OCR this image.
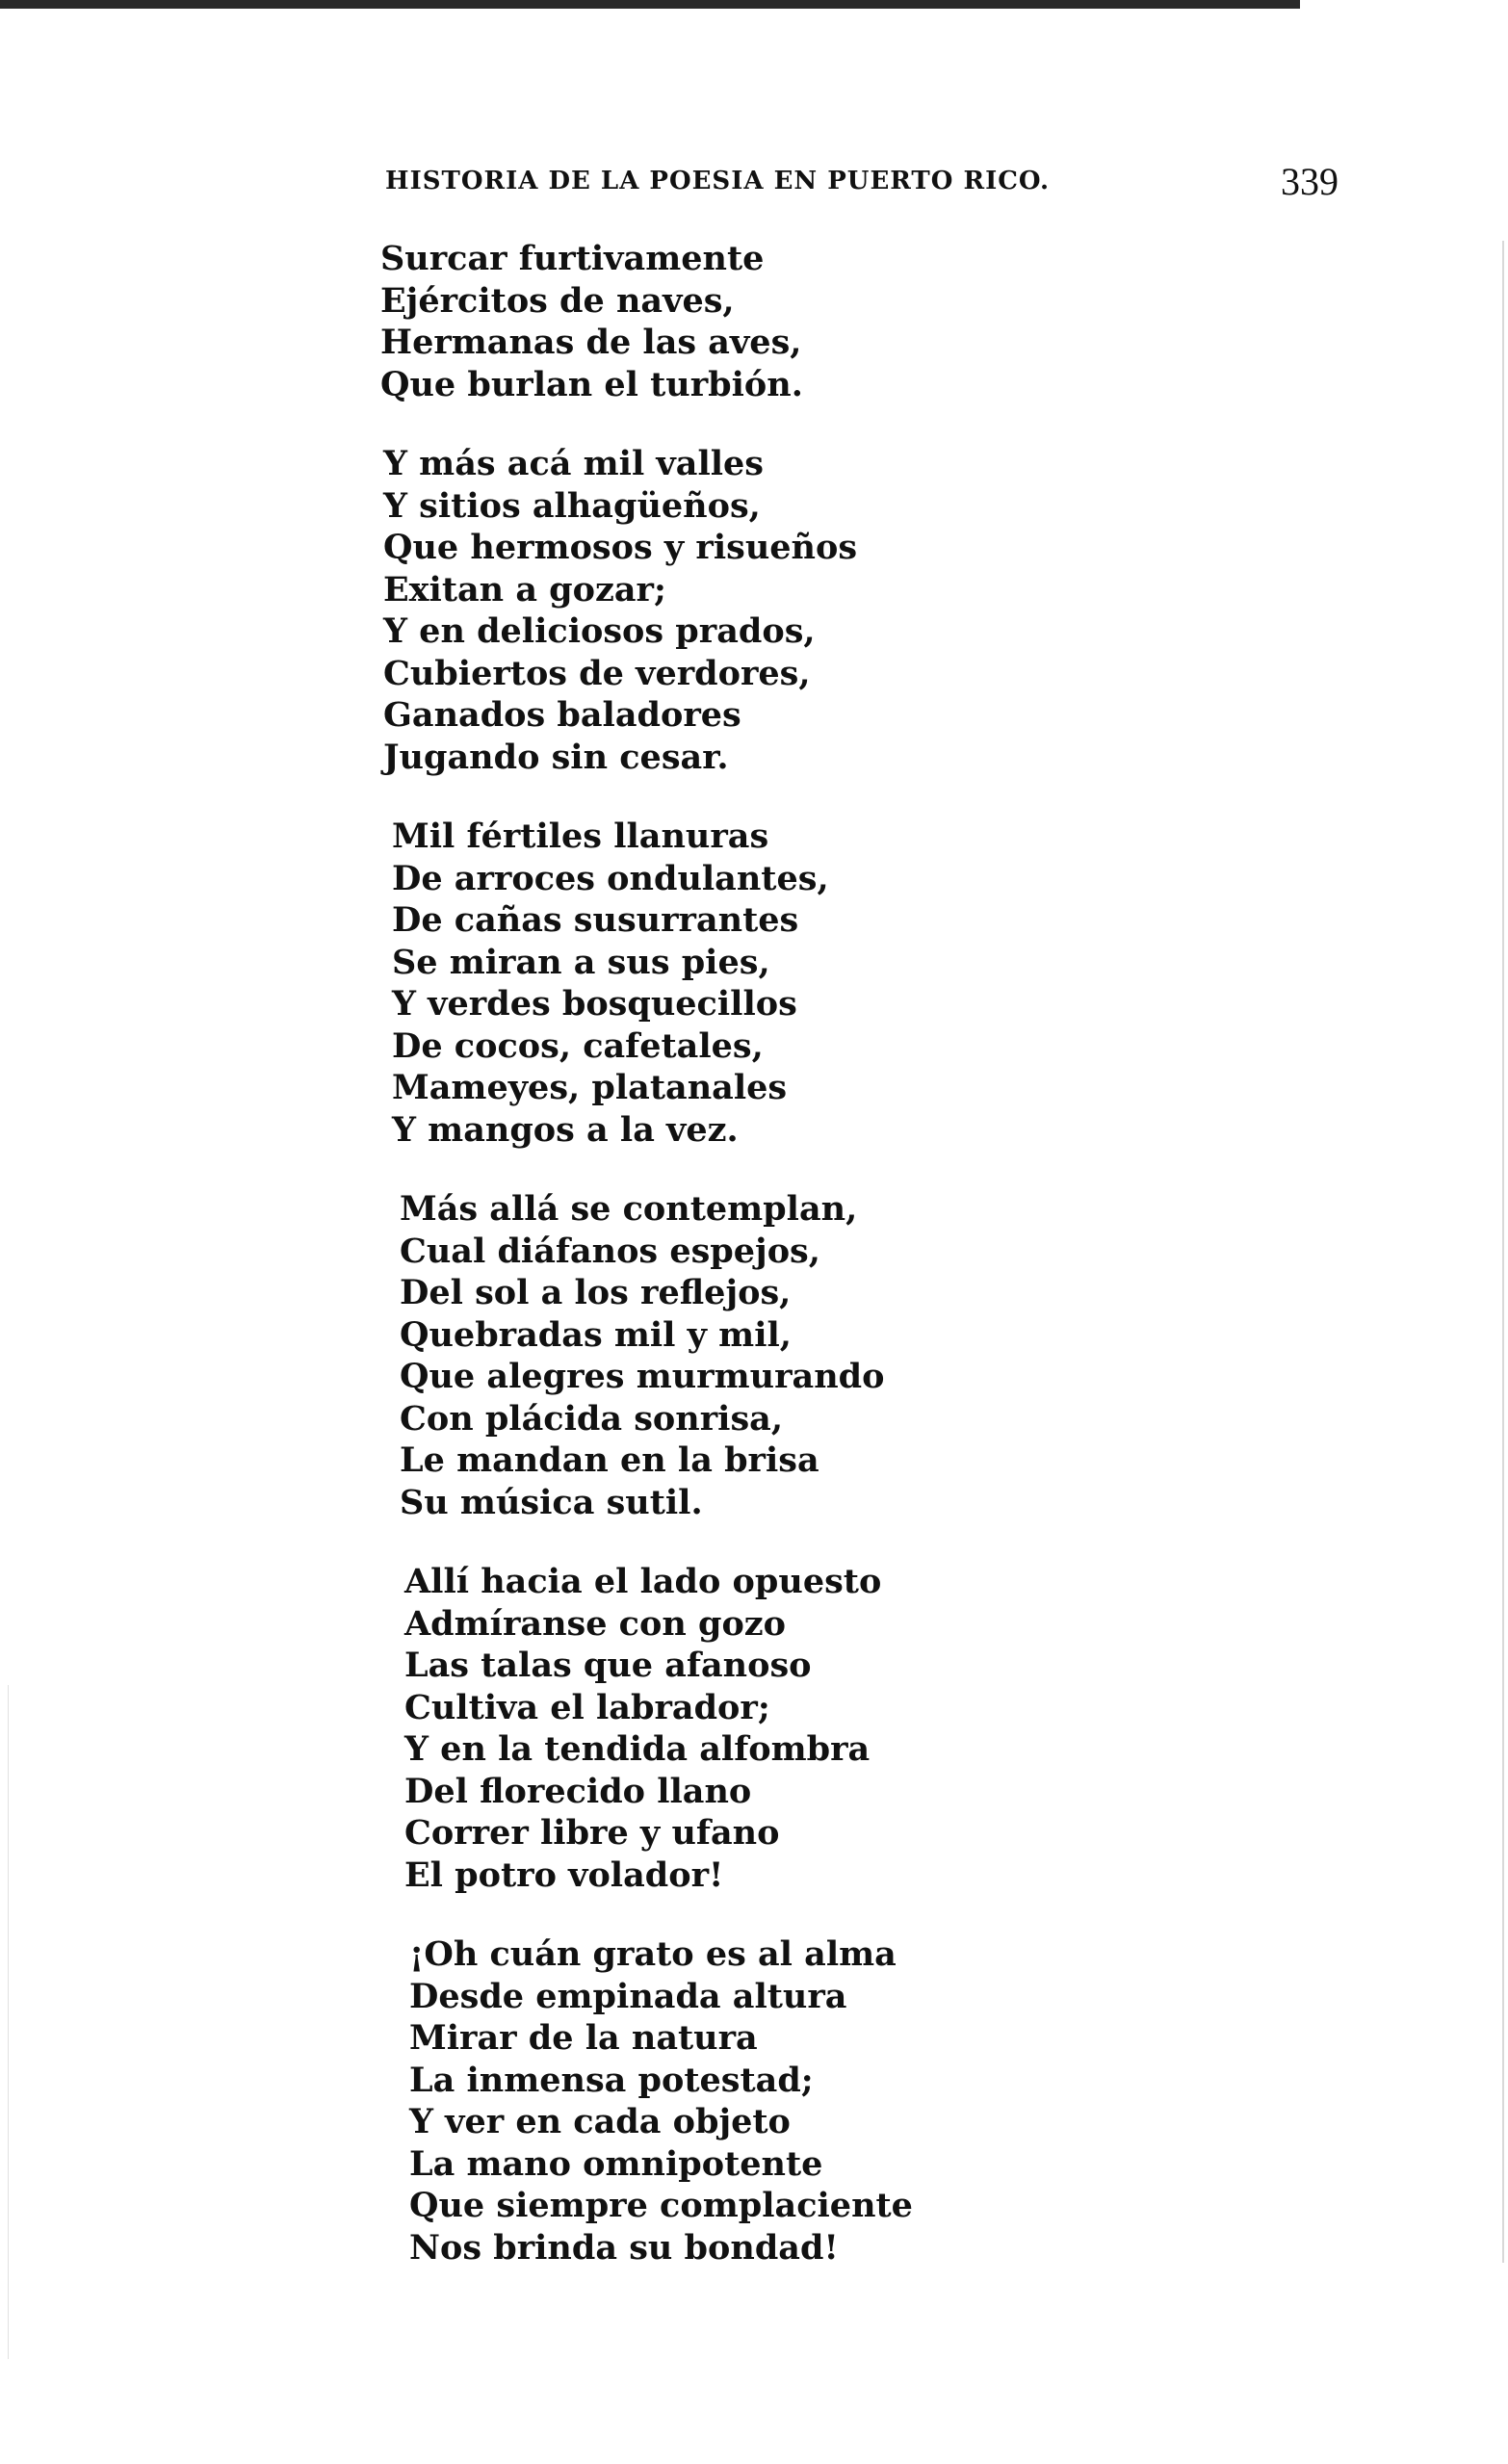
HISTORIA DE LA POESIA EN PUERTO RICO.	339
Surcar furtivamente
Ejércitos de naves,
Hermanas de las aves,
Que burlan el turbión.
Y más acá mil valles
Y sitios alhagüeños,
Que hermosos y risueños
Exitan a gozar;
Y en deliciosos prados,
Cubiertos de verdores,
Ganados baladores
Jugando sin cesar.
Mil fértiles llanuras
De arroces ondulantes,
De cañas susurrantes
Se miran a sus pies,
Y verdes bosquecillos
De cocos, cafetales,
Mameyes, platanales
Y mangos a la vez.
Más allá se contemplan,
Cual diáfanos espejos,
Del sol a los reflejos,
Quebradas mil y mil,
Que alegres murmurando
Con plácida sonrisa,
Le mandan en la brisa
Su música sutil.
Allí hacia el lado opuesto
Admíranse con gozo
Las talas que afanoso
Cultiva el labrador;
Y en la tendida alfombra
Del florecido llano
Correr libre y ufano
El potro volador!
¡Oh cuán grato es al alma
Desde empinada altura
Mirar de la natura
La inmensa potestad;
Y ver en cada objeto
La mano omnipotente
Que siempre complaciente
Nos brinda su bondad!
